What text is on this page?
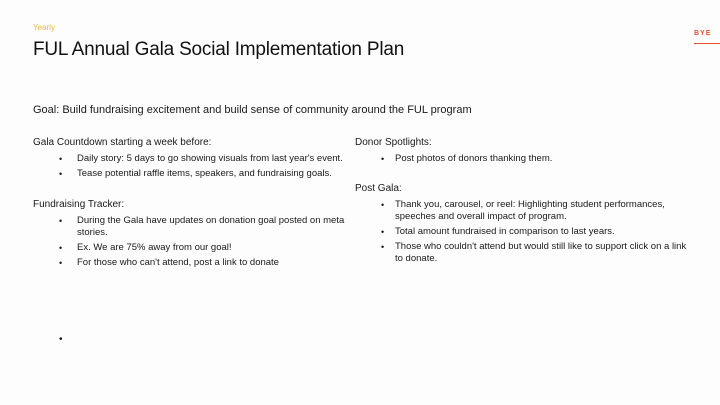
Yearly
FUL Annual Gala Social Implementation Plan
BYE
Goal: Build fundraising excitement and build sense of community around the FUL program
Gala Countdown starting a week before:
• Daily story: 5 days to go showing visuals from last year's event.
• Tease potential raffle items, speakers, and fundraising goals.
Fundraising Tracker:
• During the Gala have updates on donation goal posted on meta stories.
• Ex. We are 75% away from our goal!
• For those who can't attend, post a link to donate
Donor Spotlights:
• Post photos of donors thanking them.
Post Gala:
• Thank you, carousel, or reel: Highlighting student performances, speeches and overall impact of program.
• Total amount fundraised in comparison to last years.
• Those who couldn't attend but would still like to support click on a link to donate.
•
